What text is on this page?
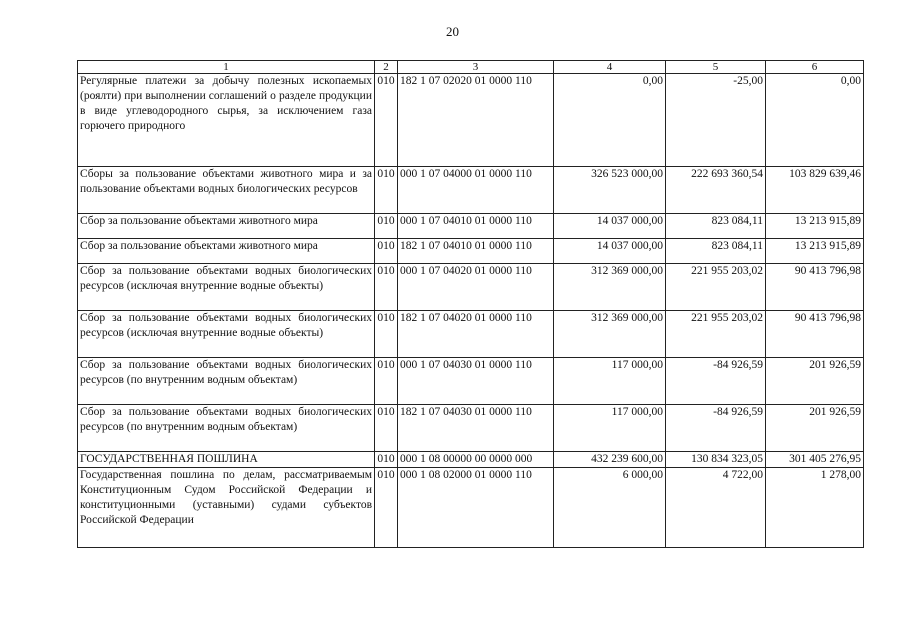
20
1	2	3	4	5	6
Регулярные платежи за добычу полезных ископаемых (роялти) при выполнении соглашений о разделе продукции в виде углеводородного сырья, за исключением газа горючего природного	010	182 1 07 02020 01 0000 110	0,00	-25,00	0,00
Сборы за пользование объектами животного мира и за пользование объектами водных биологических ресурсов	010	000 1 07 04000 01 0000 110	326 523 000,00	222 693 360,54	103 829 639,46
Сбор за пользование объектами животного мира	010	000 1 07 04010 01 0000 110	14 037 000,00	823 084,11	13 213 915,89
Сбор за пользование объектами животного мира	010	182 1 07 04010 01 0000 110	14 037 000,00	823 084,11	13 213 915,89
Сбор за пользование объектами водных биологических ресурсов (исключая внутренние водные объекты)	010	000 1 07 04020 01 0000 110	312 369 000,00	221 955 203,02	90 413 796,98
Сбор за пользование объектами водных биологических ресурсов (исключая внутренние водные объекты)	010	182 1 07 04020 01 0000 110	312 369 000,00	221 955 203,02	90 413 796,98
Сбор за пользование объектами водных биологических ресурсов (по внутренним водным объектам)	010	000 1 07 04030 01 0000 110	117 000,00	-84 926,59	201 926,59
Сбор за пользование объектами водных биологических ресурсов (по внутренним водным объектам)	010	182 1 07 04030 01 0000 110	117 000,00	-84 926,59	201 926,59
ГОСУДАРСТВЕННАЯ ПОШЛИНА	010	000 1 08 00000 00 0000 000	432 239 600,00	130 834 323,05	301 405 276,95
Государственная пошлина по делам, рассматриваемым Конституционным Судом Российской Федерации и конституционными (уставными) судами субъектов Российской Федерации	010	000 1 08 02000 01 0000 110	6 000,00	4 722,00	1 278,00
